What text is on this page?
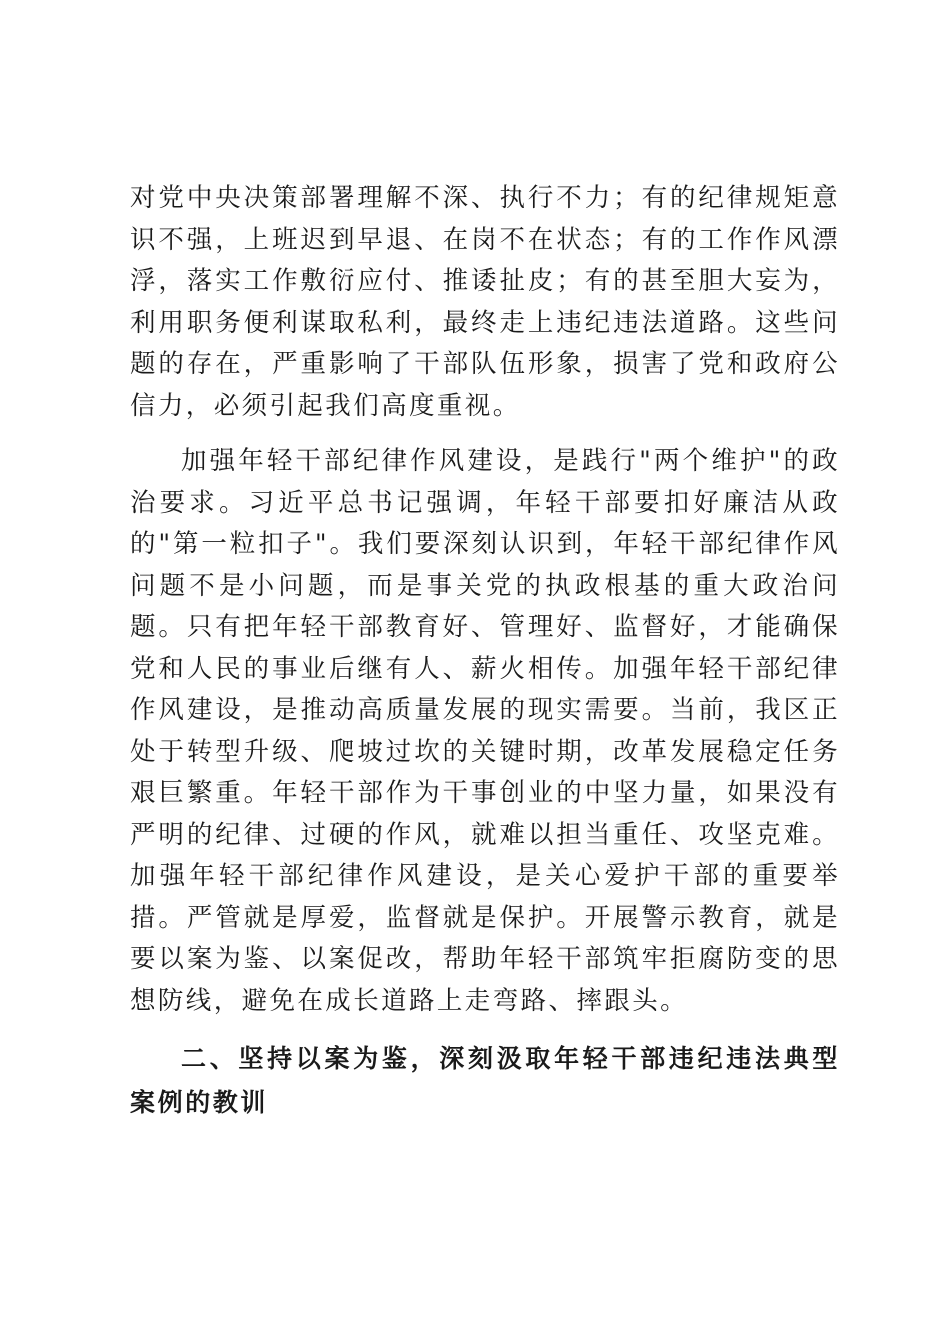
对党中央决策部署理解不深、执行不力；有的纪律规矩意识不强，上班迟到早退、在岗不在状态；有的工作作风漂浮，落实工作敷衍应付、推诿扯皮；有的甚至胆大妄为，利用职务便利谋取私利，最终走上违纪违法道路。这些问题的存在，严重影响了干部队伍形象，损害了党和政府公信力，必须引起我们高度重视。

加强年轻干部纪律作风建设，是践行"两个维护"的政治要求。习近平总书记强调，年轻干部要扣好廉洁从政的"第一粒扣子"。我们要深刻认识到，年轻干部纪律作风问题不是小问题，而是事关党的执政根基的重大政治问题。只有把年轻干部教育好、管理好、监督好，才能确保党和人民的事业后继有人、薪火相传。加强年轻干部纪律作风建设，是推动高质量发展的现实需要。当前，我区正处于转型升级、爬坡过坎的关键时期，改革发展稳定任务艰巨繁重。年轻干部作为干事创业的中坚力量，如果没有严明的纪律、过硬的作风，就难以担当重任、攻坚克难。加强年轻干部纪律作风建设，是关心爱护干部的重要举措。严管就是厚爱，监督就是保护。开展警示教育，就是要以案为鉴、以案促改，帮助年轻干部筑牢拒腐防变的思想防线，避免在成长道路上走弯路、摔跟头。

二、坚持以案为鉴，深刻汲取年轻干部违纪违法典型案例的教训
